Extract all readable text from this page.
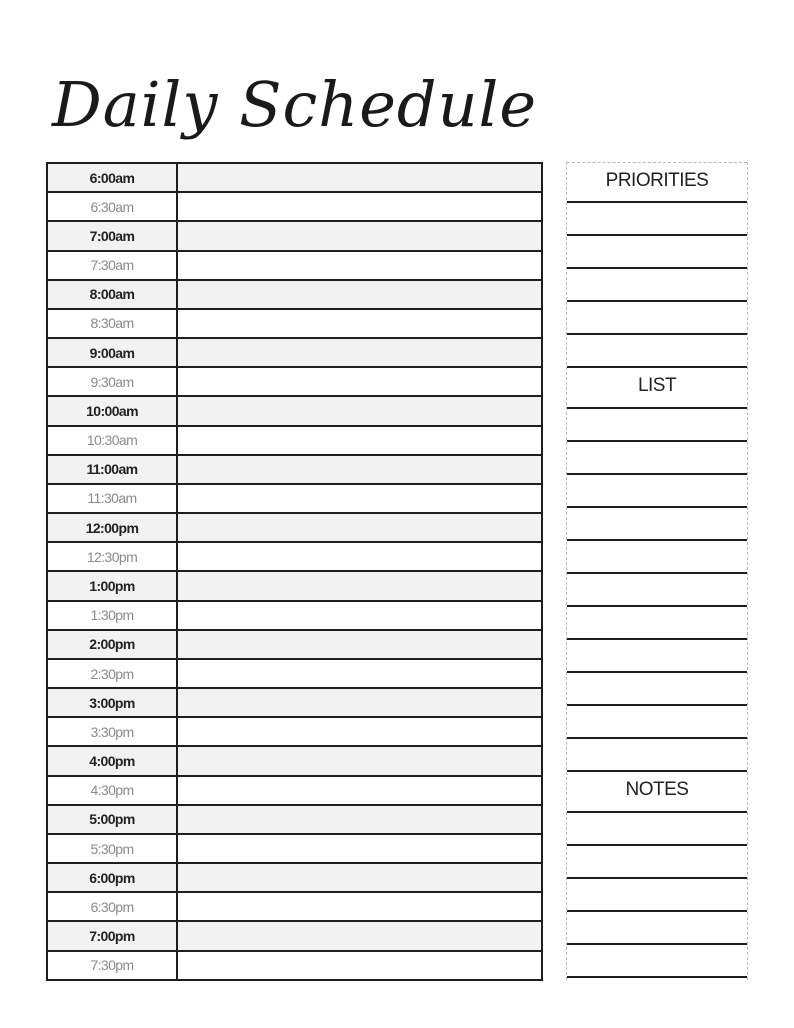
Daily Schedule
6:00am	
6:30am	
7:00am	
7:30am	
8:00am	
8:30am	
9:00am	
9:30am	
10:00am	
10:30am	
11:00am	
11:30am	
12:00pm	
12:30pm	
1:00pm	
1:30pm	
2:00pm	
2:30pm	
3:00pm	
3:30pm	
4:00pm	
4:30pm	
5:00pm	
5:30pm	
6:00pm	
6:30pm	
7:00pm	
7:30pm	
PRIORITIES
LIST
NOTES
